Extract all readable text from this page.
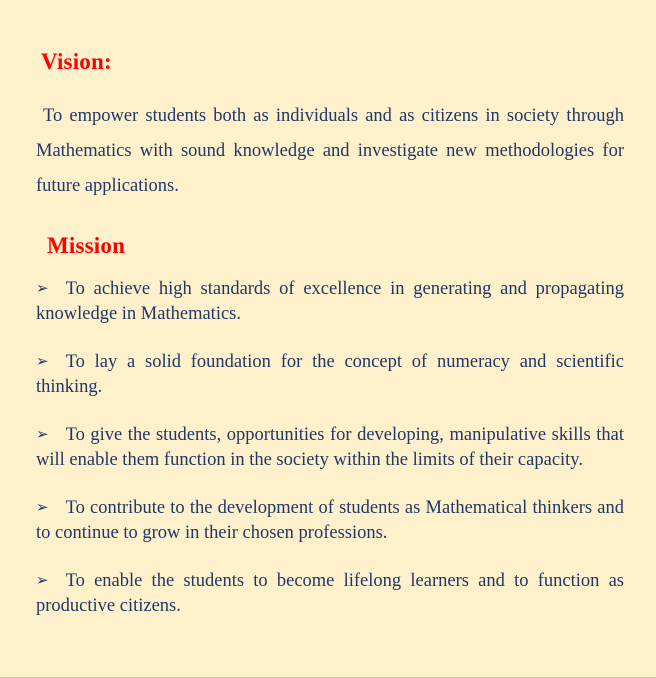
Vision:

To empower students both as individuals and as citizens in society through Mathematics with sound knowledge and investigate new methodologies for future applications.

Mission

➢ To achieve high standards of excellence in generating and propagating knowledge in Mathematics.

➢ To lay a solid foundation for the concept of numeracy and scientific thinking.

➢ To give the students, opportunities for developing, manipulative skills that will enable them function in the society within the limits of their capacity.

➢ To contribute to the development of students as Mathematical thinkers and to continue to grow in their chosen professions.

➢ To enable the students to become lifelong learners and to function as productive citizens.
